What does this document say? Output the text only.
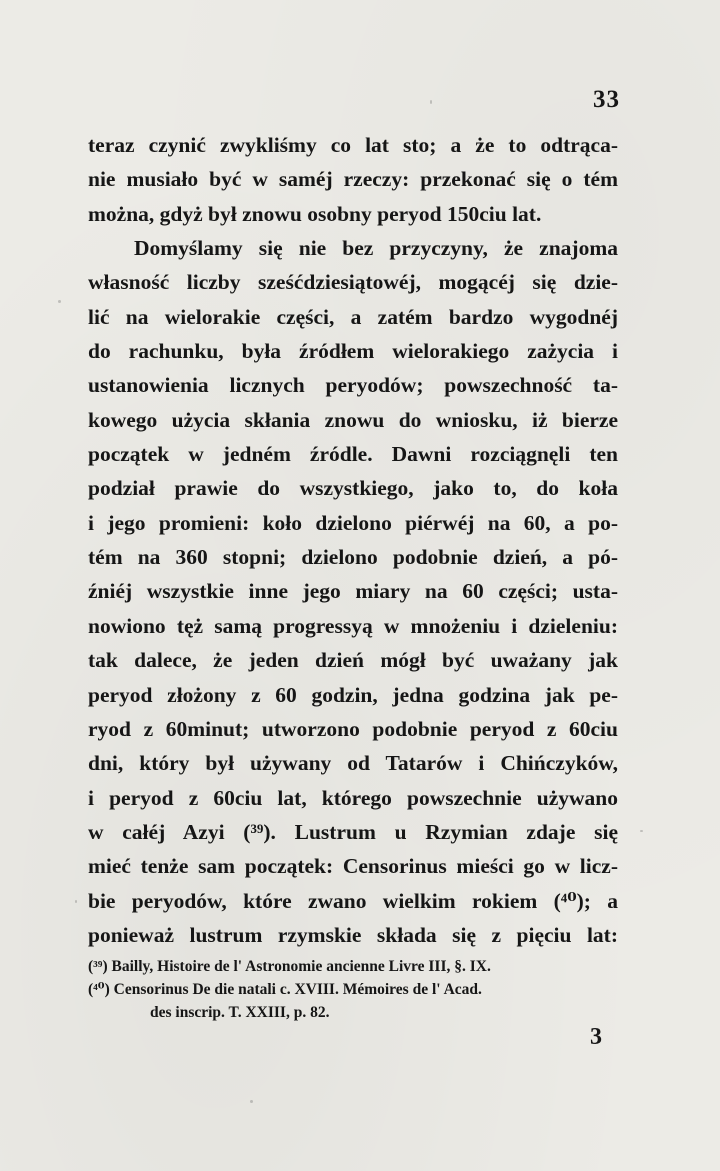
33
teraz czynić zwykliśmy co lat sto; a że to odtrąca-
nie musiało być w saméj rzeczy: przekonać się o tém
można, gdyż był znowu osobny peryod 150ciu lat.
Domyślamy się nie bez przyczyny, że znajoma
własność liczby sześćdziesiątowéj, mogącéj się dzie-
lić na wielorakie części, a zatém bardzo wygodnéj
do rachunku, była źródłem wielorakiego zażycia i
ustanowienia licznych peryodów; powszechność ta-
kowego użycia skłania znowu do wniosku, iż bierze
początek w jedném źródle. Dawni rozciągnęli ten
podział prawie do wszystkiego, jako to, do koła
i jego promieni: koło dzielono piérwéj na 60, a po-
tém na 360 stopni; dzielono podobnie dzień, a pó-
źniéj wszystkie inne jego miary na 60 części; usta-
nowiono tęż samą progressyą w mnożeniu i dzieleniu:
tak dalece, że jeden dzień mógł być uważany jak
peryod złożony z 60 godzin, jedna godzina jak pe-
ryod z 60minut; utworzono podobnie peryod z 60ciu
dni, który był używany od Tatarów i Chińczyków,
i peryod z 60ciu lat, którego powszechnie używano
w całéj Azyi (³⁹). Lustrum u Rzymian zdaje się
mieć tenże sam początek: Censorinus mieści go w licz-
bie peryodów, które zwano wielkim rokiem (⁴⁰); a
ponieważ lustrum rzymskie składa się z pięciu lat:
(³⁹) Bailly, Histoire de l' Astronomie ancienne Livre III, §. IX.
(⁴⁰) Censorinus De die natali c. XVIII. Mémoires de l' Acad.
des inscrip. T. XXIII, p. 82.
3
